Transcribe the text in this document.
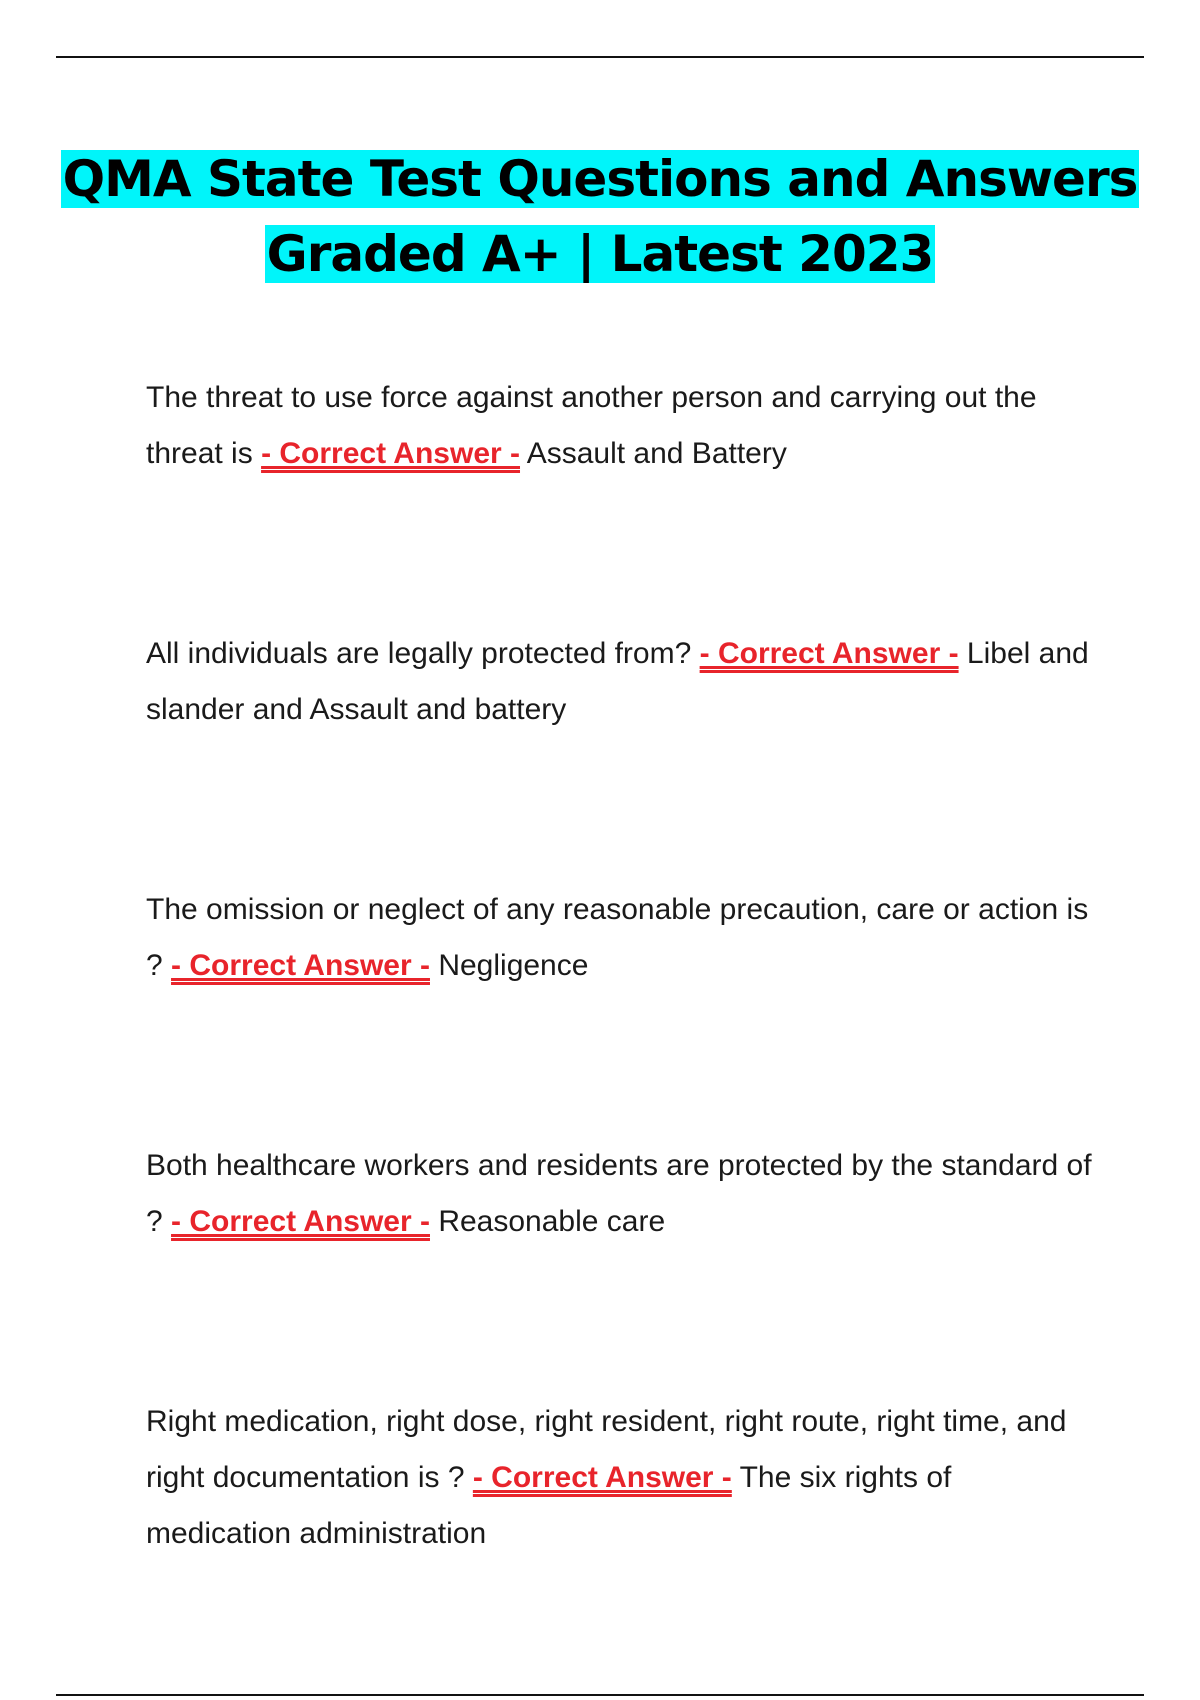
QMA State Test Questions and Answers
Graded A+ | Latest 2023

The threat to use force against another person and carrying out the threat is - Correct Answer - Assault and Battery

All individuals are legally protected from? - Correct Answer - Libel and slander and Assault and battery

The omission or neglect of any reasonable precaution, care or action is ? - Correct Answer - Negligence

Both healthcare workers and residents are protected by the standard of ? - Correct Answer - Reasonable care

Right medication, right dose, right resident, right route, right time, and right documentation is ? - Correct Answer - The six rights of medication administration
